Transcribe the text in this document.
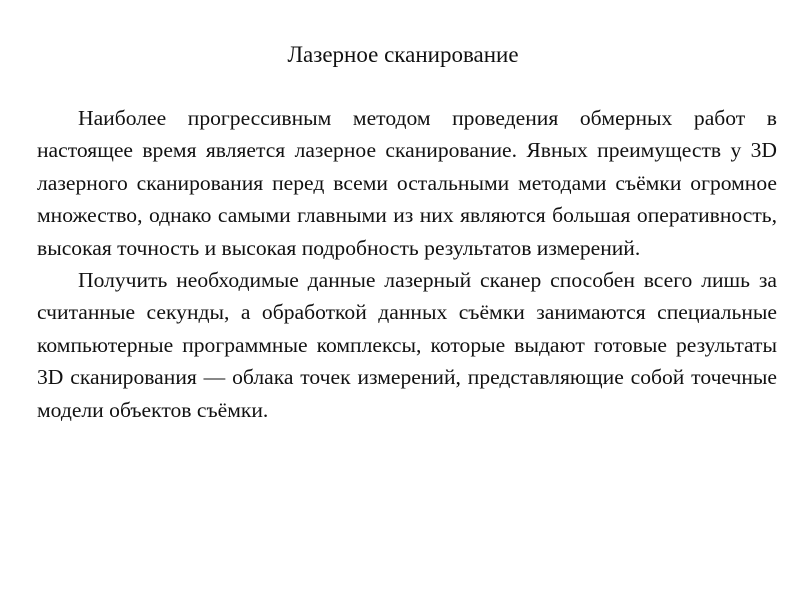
Лазерное сканирование

Наиболее прогрессивным методом проведения обмерных работ в настоящее время является лазерное сканирование. Явных преимуществ у 3D лазерного сканирования перед всеми остальными методами съёмки огромное множество, однако самыми главными из них являются большая оперативность, высокая точность и высокая подробность результатов измерений.

Получить необходимые данные лазерный сканер способен всего лишь за считанные секунды, а обработкой данных съёмки занимаются специальные компьютерные программные комплексы, которые выдают готовые результаты 3D сканирования — облака точек измерений, представляющие собой точечные модели объектов съёмки.
